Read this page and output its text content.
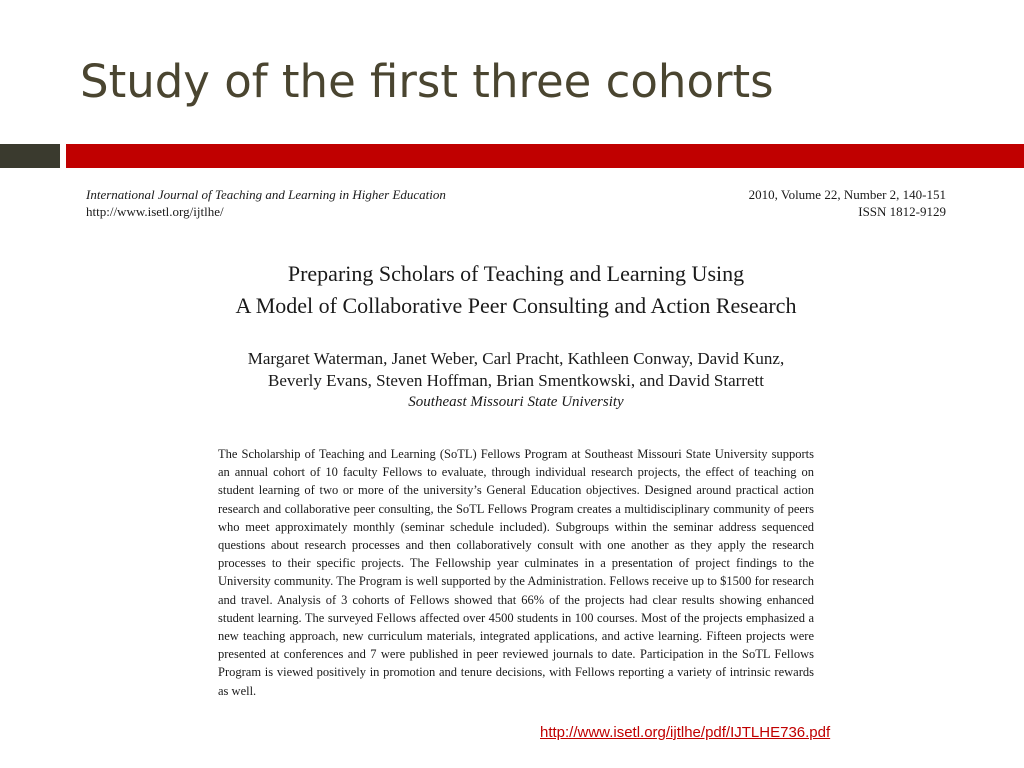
Study of the first three cohorts
International Journal of Teaching and Learning in Higher Education
http://www.isetl.org/ijtlhe/
2010, Volume 22, Number 2, 140-151
ISSN 1812-9129
Preparing Scholars of Teaching and Learning Using
A Model of Collaborative Peer Consulting and Action Research
Margaret Waterman, Janet Weber, Carl Pracht, Kathleen Conway, David Kunz,
Beverly Evans, Steven Hoffman, Brian Smentkowski, and David Starrett
Southeast Missouri State University
The Scholarship of Teaching and Learning (SoTL) Fellows Program at Southeast Missouri State University supports an annual cohort of 10 faculty Fellows to evaluate, through individual research projects, the effect of teaching on student learning of two or more of the university’s General Education objectives. Designed around practical action research and collaborative peer consulting, the SoTL Fellows Program creates a multidisciplinary community of peers who meet approximately monthly (seminar schedule included). Subgroups within the seminar address sequenced questions about research processes and then collaboratively consult with one another as they apply the research processes to their specific projects. The Fellowship year culminates in a presentation of project findings to the University community. The Program is well supported by the Administration. Fellows receive up to $1500 for research and travel. Analysis of 3 cohorts of Fellows showed that 66% of the projects had clear results showing enhanced student learning. The surveyed Fellows affected over 4500 students in 100 courses. Most of the projects emphasized a new teaching approach, new curriculum materials, integrated applications, and active learning. Fifteen projects were presented at conferences and 7 were published in peer reviewed journals to date. Participation in the SoTL Fellows Program is viewed positively in promotion and tenure decisions, with Fellows reporting a variety of intrinsic rewards as well.
http://www.isetl.org/ijtlhe/pdf/IJTLHE736.pdf
